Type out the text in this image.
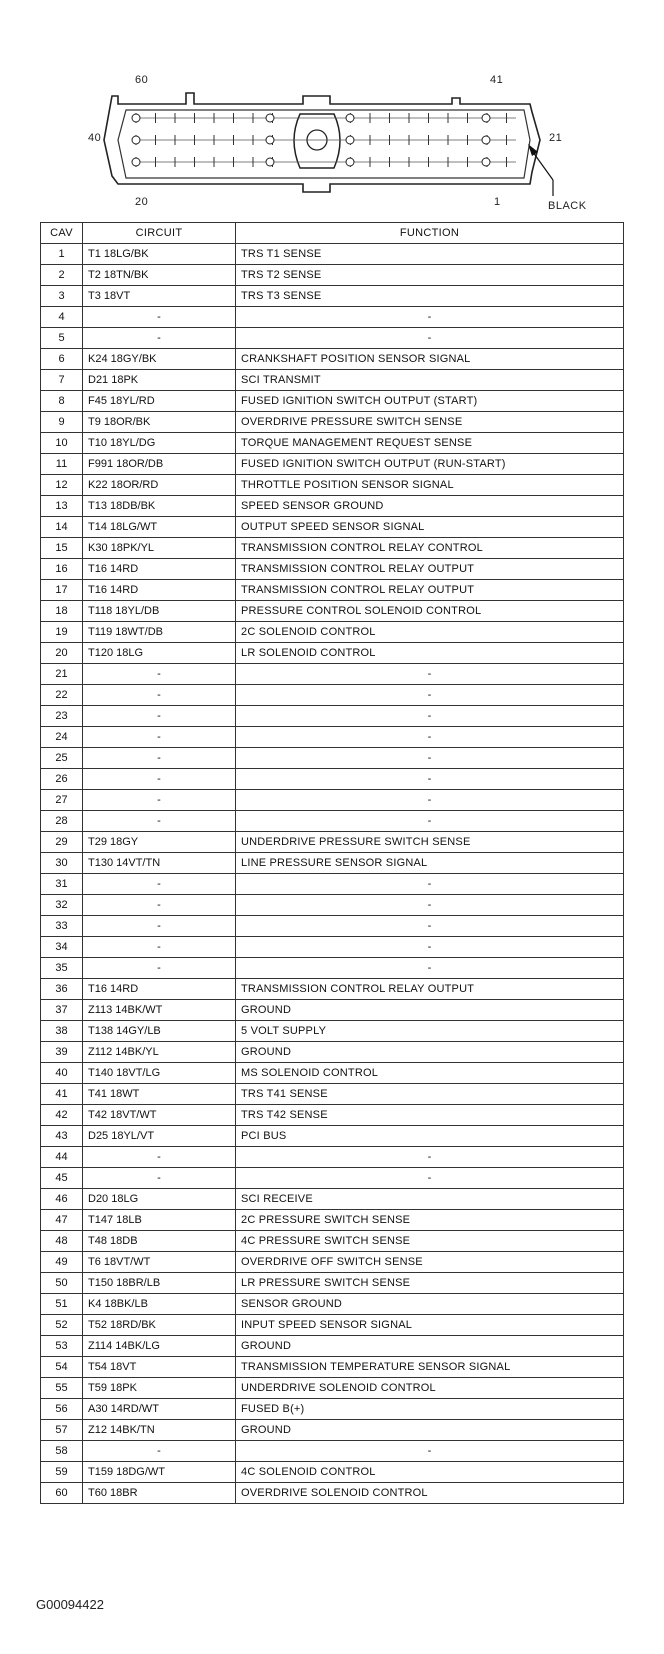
60	41
40	21
20	1	BLACK
CAV	CIRCUIT	FUNCTION
1	T1 18LG/BK	TRS T1 SENSE
2	T2 18TN/BK	TRS T2 SENSE
3	T3 18VT	TRS T3 SENSE
4	-	-
5	-	-
6	K24 18GY/BK	CRANKSHAFT POSITION SENSOR SIGNAL
7	D21 18PK	SCI TRANSMIT
8	F45 18YL/RD	FUSED IGNITION SWITCH OUTPUT (START)
9	T9 18OR/BK	OVERDRIVE PRESSURE SWITCH SENSE
10	T10 18YL/DG	TORQUE MANAGEMENT REQUEST SENSE
11	F991 18OR/DB	FUSED IGNITION SWITCH OUTPUT (RUN-START)
12	K22 18OR/RD	THROTTLE POSITION SENSOR SIGNAL
13	T13 18DB/BK	SPEED SENSOR GROUND
14	T14 18LG/WT	OUTPUT SPEED SENSOR SIGNAL
15	K30 18PK/YL	TRANSMISSION CONTROL RELAY CONTROL
16	T16 14RD	TRANSMISSION CONTROL RELAY OUTPUT
17	T16 14RD	TRANSMISSION CONTROL RELAY OUTPUT
18	T118 18YL/DB	PRESSURE CONTROL SOLENOID CONTROL
19	T119 18WT/DB	2C SOLENOID CONTROL
20	T120 18LG	LR SOLENOID CONTROL
21	-	-
22	-	-
23	-	-
24	-	-
25	-	-
26	-	-
27	-	-
28	-	-
29	T29 18GY	UNDERDRIVE PRESSURE SWITCH SENSE
30	T130 14VT/TN	LINE PRESSURE SENSOR SIGNAL
31	-	-
32	-	-
33	-	-
34	-	-
35	-	-
36	T16 14RD	TRANSMISSION CONTROL RELAY OUTPUT
37	Z113 14BK/WT	GROUND
38	T138 14GY/LB	5 VOLT SUPPLY
39	Z112 14BK/YL	GROUND
40	T140 18VT/LG	MS SOLENOID CONTROL
41	T41 18WT	TRS T41 SENSE
42	T42 18VT/WT	TRS T42 SENSE
43	D25 18YL/VT	PCI BUS
44	-	-
45	-	-
46	D20 18LG	SCI RECEIVE
47	T147 18LB	2C PRESSURE SWITCH SENSE
48	T48 18DB	4C PRESSURE SWITCH SENSE
49	T6 18VT/WT	OVERDRIVE OFF SWITCH SENSE
50	T150 18BR/LB	LR PRESSURE SWITCH SENSE
51	K4 18BK/LB	SENSOR GROUND
52	T52 18RD/BK	INPUT SPEED SENSOR SIGNAL
53	Z114 14BK/LG	GROUND
54	T54 18VT	TRANSMISSION TEMPERATURE SENSOR SIGNAL
55	T59 18PK	UNDERDRIVE SOLENOID CONTROL
56	A30 14RD/WT	FUSED B(+)
57	Z12 14BK/TN	GROUND
58	-	-
59	T159 18DG/WT	4C SOLENOID CONTROL
60	T60 18BR	OVERDRIVE SOLENOID CONTROL
G00094422
